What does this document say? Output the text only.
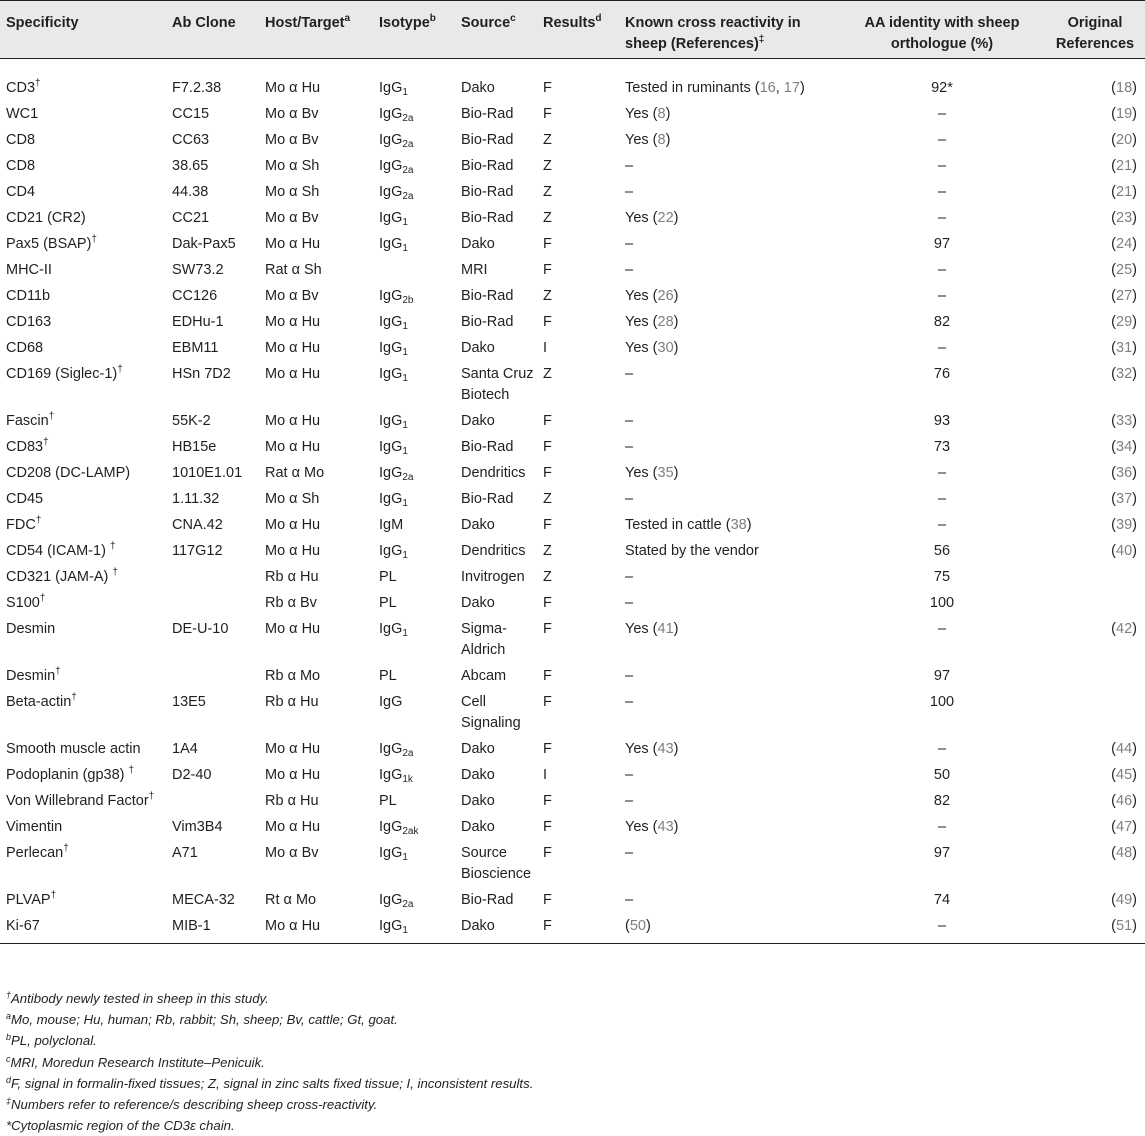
Specificity	Ab Clone	Host/Target$^a$	Isotype$^b$	Source$^c$	Results$^d$	Known cross reactivity in sheep (References)‡	AA identity with sheep orthologue (%)	Original References
CD3†	F7.2.38	Mo α Hu	IgG$_1$	Dako	F	Tested in ruminants (16, 17)	92*	(18)
WC1	CC15	Mo α Bv	IgG$_{2a}$	Bio-Rad	F	Yes (8)	–	(19)
CD8	CC63	Mo α Bv	IgG$_{2a}$	Bio-Rad	Z	Yes (8)	–	(20)
CD8	38.65	Mo α Sh	IgG$_{2a}$	Bio-Rad	Z	–	–	(21)
CD4	44.38	Mo α Sh	IgG$_{2a}$	Bio-Rad	Z	–	–	(21)
CD21 (CR2)	CC21	Mo α Bv	IgG$_1$	Bio-Rad	Z	Yes (22)	–	(23)
Pax5 (BSAP)†	Dak-Pax5	Mo α Hu	IgG$_1$	Dako	F	–	97	(24)
MHC-II	SW73.2	Rat α Sh		MRI	F	–	–	(25)
CD11b	CC126	Mo α Bv	IgG$_{2b}$	Bio-Rad	Z	Yes (26)	–	(27)
CD163	EDHu-1	Mo α Hu	IgG$_1$	Bio-Rad	F	Yes (28)	82	(29)
CD68	EBM11	Mo α Hu	IgG$_1$	Dako	I	Yes (30)	–	(31)
CD169 (Siglec-1)†	HSn 7D2	Mo α Hu	IgG$_1$	Santa Cruz Biotech	Z	–	76	(32)
Fascin†	55K-2	Mo α Hu	IgG$_1$	Dako	F	–	93	(33)
CD83†	HB15e	Mo α Hu	IgG$_1$	Bio-Rad	F	–	73	(34)
CD208 (DC-LAMP)	1010E1.01	Rat α Mo	IgG$_{2a}$	Dendritics	F	Yes (35)	–	(36)
CD45	1.11.32	Mo α Sh	IgG$_1$	Bio-Rad	Z	–	–	(37)
FDC†	CNA.42	Mo α Hu	IgM	Dako	F	Tested in cattle (38)	–	(39)
CD54 (ICAM-1) †	117G12	Mo α Hu	IgG$_1$	Dendritics	Z	Stated by the vendor	56	(40)
CD321 (JAM-A) †		Rb α Hu	PL	Invitrogen	Z	–	75	
S100†		Rb α Bv	PL	Dako	F	–	100	
Desmin	DE-U-10	Mo α Hu	IgG$_1$	Sigma-Aldrich	F	Yes (41)	–	(42)
Desmin†		Rb α Mo	PL	Abcam	F	–	97	
Beta-actin†	13E5	Rb α Hu	IgG	Cell Signaling	F	–	100	
Smooth muscle actin	1A4	Mo α Hu	IgG$_{2a}$	Dako	F	Yes (43)	–	(44)
Podoplanin (gp38) †	D2-40	Mo α Hu	IgG$_{1k}$	Dako	I	–	50	(45)
Von Willebrand Factor†		Rb α Hu	PL	Dako	F	–	82	(46)
Vimentin	Vim3B4	Mo α Hu	IgG$_{2ak}$	Dako	F	Yes (43)	–	(47)
Perlecan†	A71	Mo α Bv	IgG$_1$	Source Bioscience	F	–	97	(48)
PLVAP†	MECA-32	Rt α Mo	IgG$_{2a}$	Bio-Rad	F	–	74	(49)
Ki-67	MIB-1	Mo α Hu	IgG$_1$	Dako	F	(50)	–	(51)

†Antibody newly tested in sheep in this study.

$^a$Mo, mouse; Hu, human; Rb, rabbit; Sh, sheep; Bv, cattle; Gt, goat.

$^b$PL, polyclonal.

$^c$MRI, Moredun Research Institute–Penicuik.

$^d$F, signal in formalin-fixed tissues; Z, signal in zinc salts fixed tissue; I, inconsistent results.

‡Numbers refer to reference/s describing sheep cross-reactivity.

*Cytoplasmic region of the CD3ε chain.
